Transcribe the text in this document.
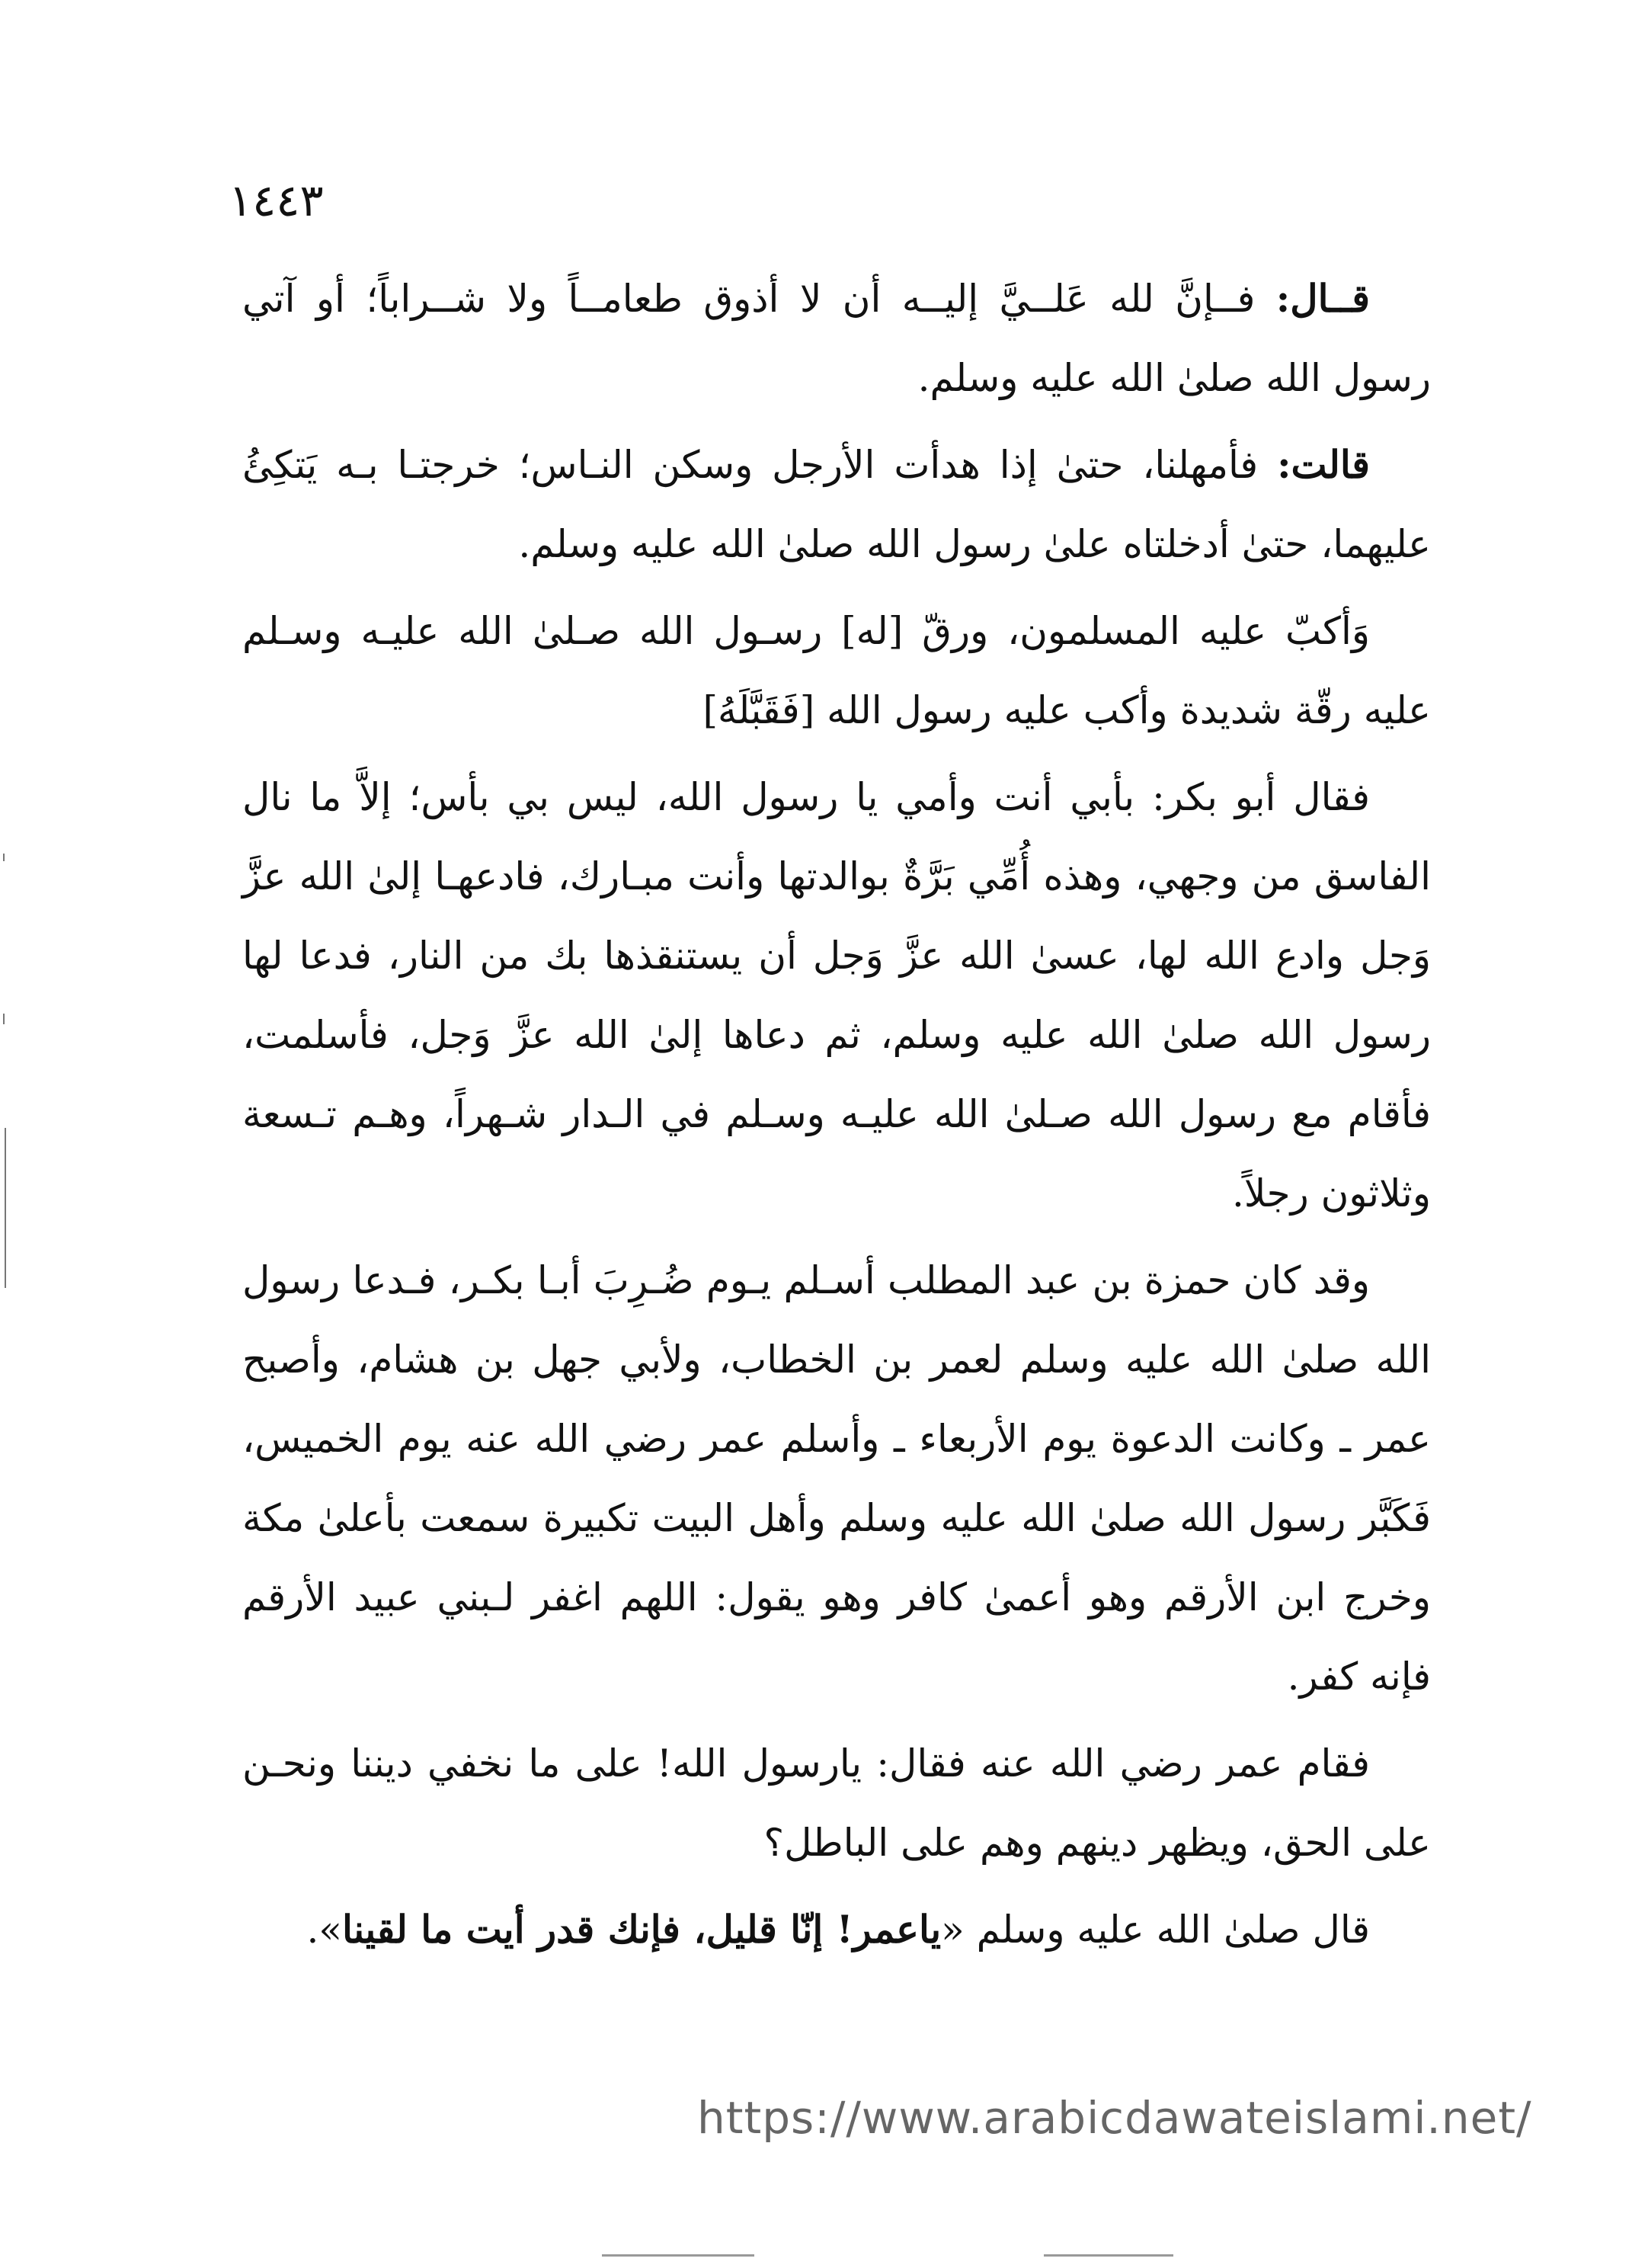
١٤٤٣

قــال: فــإنَّ لله عَلــيَّ إليــه أن لا أذوق طعامــاً ولا شــراباً؛ أو آتي رسول الله صلىٰ الله عليه وسلم.

قالت: فأمهلنا، حتىٰ إذا هدأت الأرجل وسكن النـاس؛ خرجتـا بـه يَتكِئُ عليهما، حتىٰ أدخلتاه علىٰ رسول الله صلىٰ الله عليه وسلم.

وَأكبّ عليه المسلمون، ورقّ [له] رسـول الله صـلىٰ الله عليـه وسـلم عليه رقّة شديدة وأكب عليه رسول الله [فَقَبَّلَهُ]

فقال أبو بكر: بأبي أنت وأمي يا رسول الله، ليس بي بأس؛ إلاَّ ما نال الفاسق من وجهي، وهذه أُمِّي بَرَّةٌ بوالدتها وأنت مبـارك، فادعهـا إلىٰ الله عزَّ وَجل وادع الله لها، عسىٰ الله عزَّ وَجل أن يستنقذها بك من النار، فدعا لها رسول الله صلىٰ الله عليه وسلم، ثم دعاها إلىٰ الله عزَّ وَجل، فأسلمت، فأقام مع رسول الله صـلىٰ الله عليـه وسـلم في الـدار شـهراً، وهـم تـسعة وثلاثون رجلاً.

وقد كان حمزة بن عبد المطلب أسـلم يـوم ضُـرِبَ أبـا بكـر، فـدعا رسول الله صلىٰ الله عليه وسلم لعمر بن الخطاب، ولأبي جهل بن هشام، وأصبح عمر ـ وكانت الدعوة يوم الأربعاء ـ وأسلم عمر رضي الله عنه يوم الخميس، فَكَبَّر رسول الله صلىٰ الله عليه وسلم وأهل البيت تكبيرة سمعت بأعلىٰ مكة وخرج ابن الأرقم وهو أعمىٰ كافر وهو يقول: اللهم اغفر لـبني عبيد الأرقم فإنه كفر.

فقام عمر رضي الله عنه فقال: يارسول الله! على ما نخفي ديننا ونحـن على الحق، ويظهر دينهم وهم على الباطل؟

قال صلىٰ الله عليه وسلم «ياعمر! إنّا قليل، فإنك قدر أيت ما لقينا».

https://www.arabicdawateislami.net/
